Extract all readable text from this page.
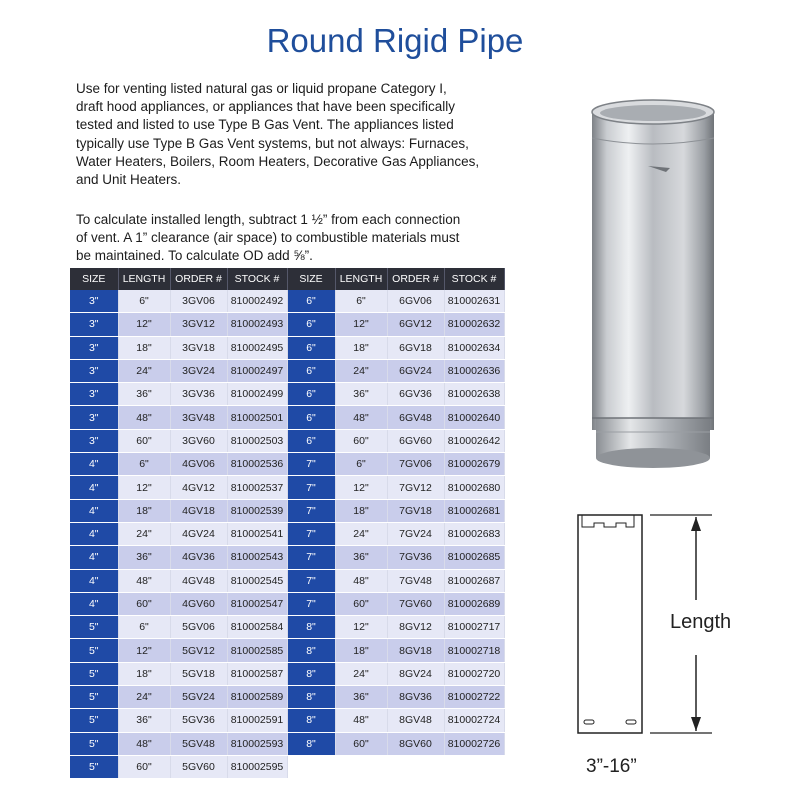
Round Rigid Pipe

Use for venting listed natural gas or liquid propane Category I,
draft hood appliances, or appliances that have been specifically
tested and listed to use Type B Gas Vent. The appliances listed
typically use Type B Gas Vent systems, but not always: Furnaces,
Water Heaters, Boilers, Room Heaters, Decorative Gas Appliances,
and Unit Heaters.

To calculate installed length, subtract 1 ½” from each connection
of vent. A 1” clearance (air space) to combustible materials must
be maintained. To calculate OD add ⅝”.

SIZE	LENGTH	ORDER #	STOCK #	SIZE	LENGTH	ORDER #	STOCK #
3"	6"	3GV06	810002492	6"	6"	6GV06	810002631
3"	12"	3GV12	810002493	6"	12"	6GV12	810002632
3"	18"	3GV18	810002495	6"	18"	6GV18	810002634
3"	24"	3GV24	810002497	6"	24"	6GV24	810002636
3"	36"	3GV36	810002499	6"	36"	6GV36	810002638
3"	48"	3GV48	810002501	6"	48"	6GV48	810002640
3"	60"	3GV60	810002503	6"	60"	6GV60	810002642
4"	6"	4GV06	810002536	7"	6"	7GV06	810002679
4"	12"	4GV12	810002537	7"	12"	7GV12	810002680
4"	18"	4GV18	810002539	7"	18"	7GV18	810002681
4"	24"	4GV24	810002541	7"	24"	7GV24	810002683
4"	36"	4GV36	810002543	7"	36"	7GV36	810002685
4"	48"	4GV48	810002545	7"	48"	7GV48	810002687
4"	60"	4GV60	810002547	7"	60"	7GV60	810002689
5"	6"	5GV06	810002584	8"	12"	8GV12	810002717
5"	12"	5GV12	810002585	8"	18"	8GV18	810002718
5"	18"	5GV18	810002587	8"	24"	8GV24	810002720
5"	24"	5GV24	810002589	8"	36"	8GV36	810002722
5"	36"	5GV36	810002591	8"	48"	8GV48	810002724
5"	48"	5GV48	810002593	8"	60"	8GV60	810002726
5"	60"	5GV60	810002595				
Length
3”-16”
